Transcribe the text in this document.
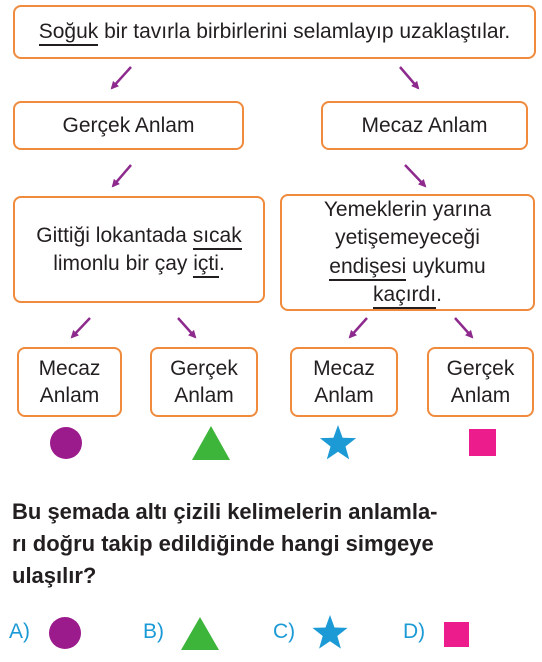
Soğuk bir tavırla birbirlerini selamlayıp uzaklaştılar.
Gerçek Anlam	Mecaz Anlam
Gittiği lokantada sıcak
limonlu bir çay içti.
Yemeklerin yarına
yetişemeyeceği
endişesi uykumu
kaçırdı.
Mecaz
Anlam
Gerçek
Anlam
Mecaz
Anlam
Gerçek
Anlam
Bu şemada altı çizili kelimelerin anlamla-
rı doğru takip edildiğinde hangi simgeye
ulaşılır?
A)	B)	C)	D)
